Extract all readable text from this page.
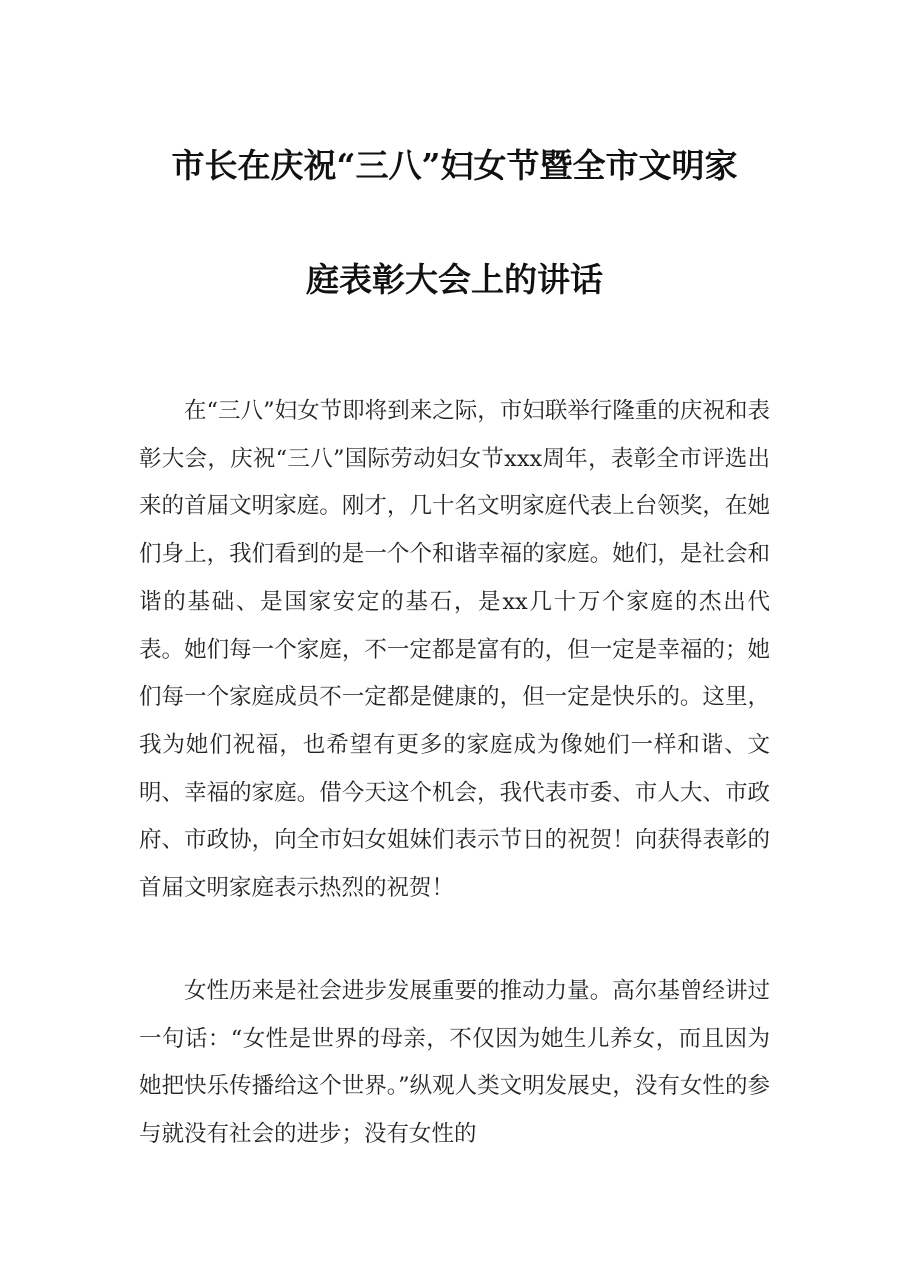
市长在庆祝“三八”妇女节暨全市文明家
庭表彰大会上的讲话

在“三八”妇女节即将到来之际，市妇联举行隆重的庆祝和表彰大会，庆祝“三八”国际劳动妇女节xxx周年，表彰全市评选出来的首届文明家庭。刚才，几十名文明家庭代表上台领奖，在她们身上，我们看到的是一个个和谐幸福的家庭。她们，是社会和谐的基础、是国家安定的基石，是xx几十万个家庭的杰出代表。她们每一个家庭，不一定都是富有的，但一定是幸福的；她们每一个家庭成员不一定都是健康的，但一定是快乐的。这里，我为她们祝福，也希望有更多的家庭成为像她们一样和谐、文明、幸福的家庭。借今天这个机会，我代表市委、市人大、市政府、市政协，向全市妇女姐妹们表示节日的祝贺！向获得表彰的首届文明家庭表示热烈的祝贺！

女性历来是社会进步发展重要的推动力量。高尔基曾经讲过一句话：“女性是世界的母亲，不仅因为她生儿养女，而且因为她把快乐传播给这个世界。”纵观人类文明发展史，没有女性的参与就没有社会的进步；没有女性的
